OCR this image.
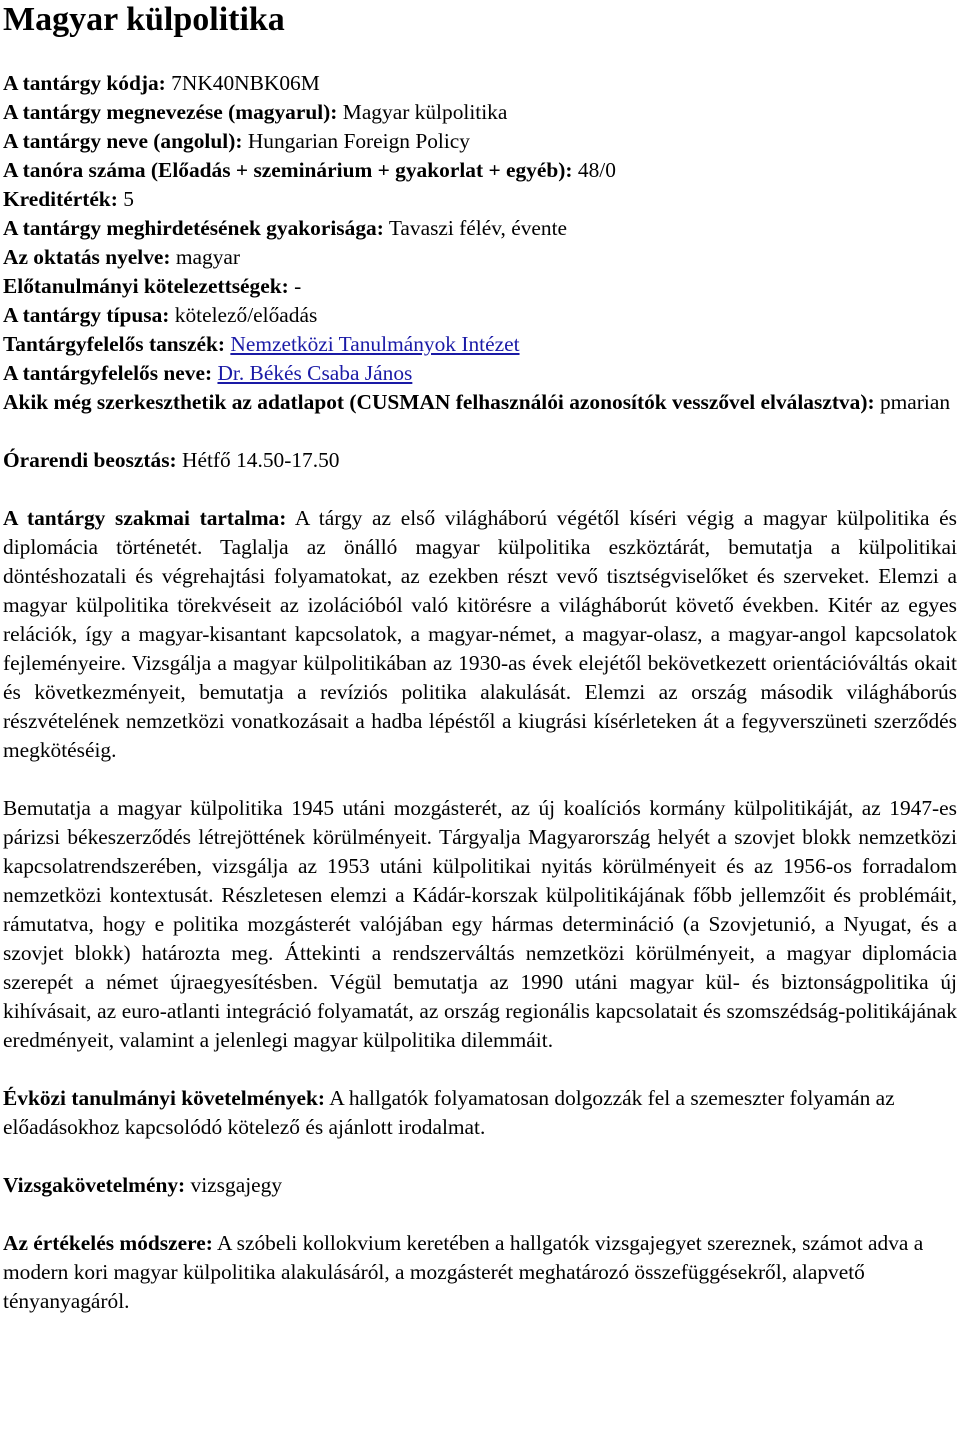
Magyar külpolitika
A tantárgy kódja: 7NK40NBK06M
A tantárgy megnevezése (magyarul): Magyar külpolitika
A tantárgy neve (angolul): Hungarian Foreign Policy
A tanóra száma (Előadás + szeminárium + gyakorlat + egyéb): 48/0
Kreditérték: 5
A tantárgy meghirdetésének gyakorisága: Tavaszi félév, évente
Az oktatás nyelve: magyar
Előtanulmányi kötelezettségek: -
A tantárgy típusa: kötelező/előadás
Tantárgyfelelős tanszék: Nemzetközi Tanulmányok Intézet
A tantárgyfelelős neve: Dr. Békés Csaba János
Akik még szerkeszthetik az adatlapot (CUSMAN felhasználói azonosítók vesszővel elválasztva): pmarian
Órarendi beosztás: Hétfő 14.50-17.50
A tantárgy szakmai tartalma: A tárgy az első világháború végétől kíséri végig a magyar külpolitika és diplomácia történetét. Taglalja az önálló magyar külpolitika eszköztárát, bemutatja a külpolitikai döntéshozatali és végrehajtási folyamatokat, az ezekben részt vevő tisztségviselőket és szerveket. Elemzi a magyar külpolitika törekvéseit az izolációból való kitörésre a világháborút követő években. Kitér az egyes relációk, így a magyar-kisantant kapcsolatok, a magyar-német, a magyar-olasz, a magyar-angol kapcsolatok fejleményeire. Vizsgálja a magyar külpolitikában az 1930-as évek elejétől bekövetkezett orientációváltás okait és következményeit, bemutatja a revíziós politika alakulását. Elemzi az ország második világháborús részvételének nemzetközi vonatkozásait a hadba lépéstől a kiugrási kísérleteken át a fegyverszüneti szerződés megkötéséig.
Bemutatja a magyar külpolitika 1945 utáni mozgásterét, az új koalíciós kormány külpolitikáját, az 1947-es párizsi békeszerződés létrejöttének körülményeit. Tárgyalja Magyarország helyét a szovjet blokk nemzetközi kapcsolatrendszerében, vizsgálja az 1953 utáni külpolitikai nyitás körülményeit és az 1956-os forradalom nemzetközi kontextusát. Részletesen elemzi a Kádár-korszak külpolitikájának főbb jellemzőit és problémáit, rámutatva, hogy e politika mozgásterét valójában egy hármas determináció (a Szovjetunió, a Nyugat, és a szovjet blokk) határozta meg. Áttekinti a rendszerváltás nemzetközi körülményeit, a magyar diplomácia szerepét a német újraegyesítésben. Végül bemutatja az 1990 utáni magyar kül- és biztonságpolitika új kihívásait, az euro-atlanti integráció folyamatát, az ország regionális kapcsolatait és szomszédság-politikájának eredményeit, valamint a jelenlegi magyar külpolitika dilemmáit.
Évközi tanulmányi követelmények: A hallgatók folyamatosan dolgozzák fel a szemeszter folyamán az előadásokhoz kapcsolódó kötelező és ajánlott irodalmat.
Vizsgakövetelmény: vizsgajegy
Az értékelés módszere: A szóbeli kollokvium keretében a hallgatók vizsgajegyet szereznek, számot adva a modern kori magyar külpolitika alakulásáról, a mozgásterét meghatározó összefüggésekről, alapvető tényanyagáról.
